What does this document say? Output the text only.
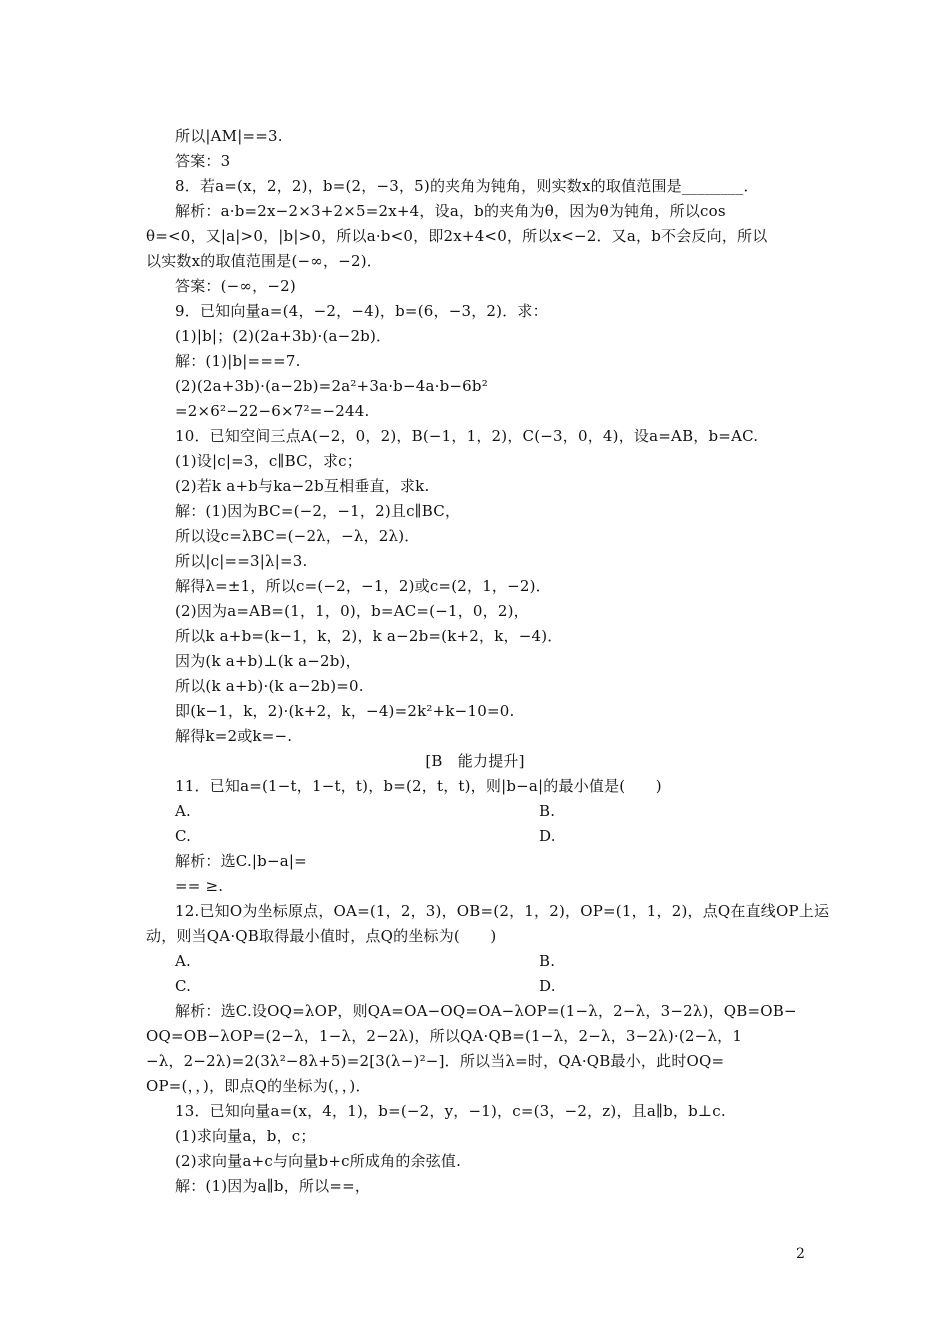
所以|AM|==3.
答案：3
8．若a=(x，2，2)，b=(2，−3，5)的夹角为钝角，则实数x的取值范围是________．
解析：a·b=2x−2×3+2×5=2x+4，设a，b的夹角为θ，因为θ为钝角，所以cos
θ=<0，又|a|>0，|b|>0，所以a·b<0，即2x+4<0，所以x<−2．又a，b不会反向，所以
以实数x的取值范围是(−∞，−2)．
答案：(−∞，−2)
9．已知向量a=(4，−2，−4)，b=(6，−3，2)．求：
(1)|b|；(2)(2a+3b)·(a−2b)．
解：(1)|b|===7.
(2)(2a+3b)·(a−2b)=2a²+3a·b−4a·b−6b²
=2×6²−22−6×7²=−244.
10．已知空间三点A(−2，0，2)，B(−1，1，2)，C(−3，0，4)，设a=AB，b=AC.
(1)设|c|=3，c∥BC，求c；
(2)若k a+b与ka−2b互相垂直，求k.
解：(1)因为BC=(−2，−1，2)且c∥BC，
所以设c=λBC=(−2λ，−λ，2λ)．
所以|c|==3|λ|=3.
解得λ=±1，所以c=(−2，−1，2)或c=(2，1，−2)．
(2)因为a=AB=(1，1，0)，b=AC=(−1，0，2)，
所以k a+b=(k−1，k，2)，k a−2b=(k+2，k，−4)．
因为(k a+b)⊥(k a−2b)，
所以(k a+b)·(k a−2b)=0.
即(k−1，k，2)·(k+2，k，−4)=2k²+k−10=0.
解得k=2或k=−.
[B　能力提升]
11．已知a=(1−t，1−t，t)，b=(2，t，t)，则|b−a|的最小值是(　　)
A.	B.
C.	D.
解析：选C.|b−a|=
== ≥.
12.已知O为坐标原点，OA=(1，2，3)，OB=(2，1，2)，OP=(1，1，2)，点Q在直线OP上运
动，则当QA·QB取得最小值时，点Q的坐标为(　　)
A.	B.
C.	D.
解析：选C.设OQ=λOP，则QA=OA−OQ=OA−λOP=(1−λ，2−λ，3−2λ)，QB=OB−
OQ=OB−λOP=(2−λ，1−λ，2−2λ)，所以QA·QB=(1−λ，2−λ，3−2λ)·(2−λ，1
−λ，2−2λ)=2(3λ²−8λ+5)=2[3(λ−)²−]．所以当λ=时，QA·QB最小，此时OQ=
OP=(，，)，即点Q的坐标为(，，)．
13．已知向量a=(x，4，1)，b=(−2，y，−1)，c=(3，−2，z)，且a∥b，b⊥c.
(1)求向量a，b，c；
(2)求向量a+c与向量b+c所成角的余弦值.
解：(1)因为a∥b，所以==，
2
